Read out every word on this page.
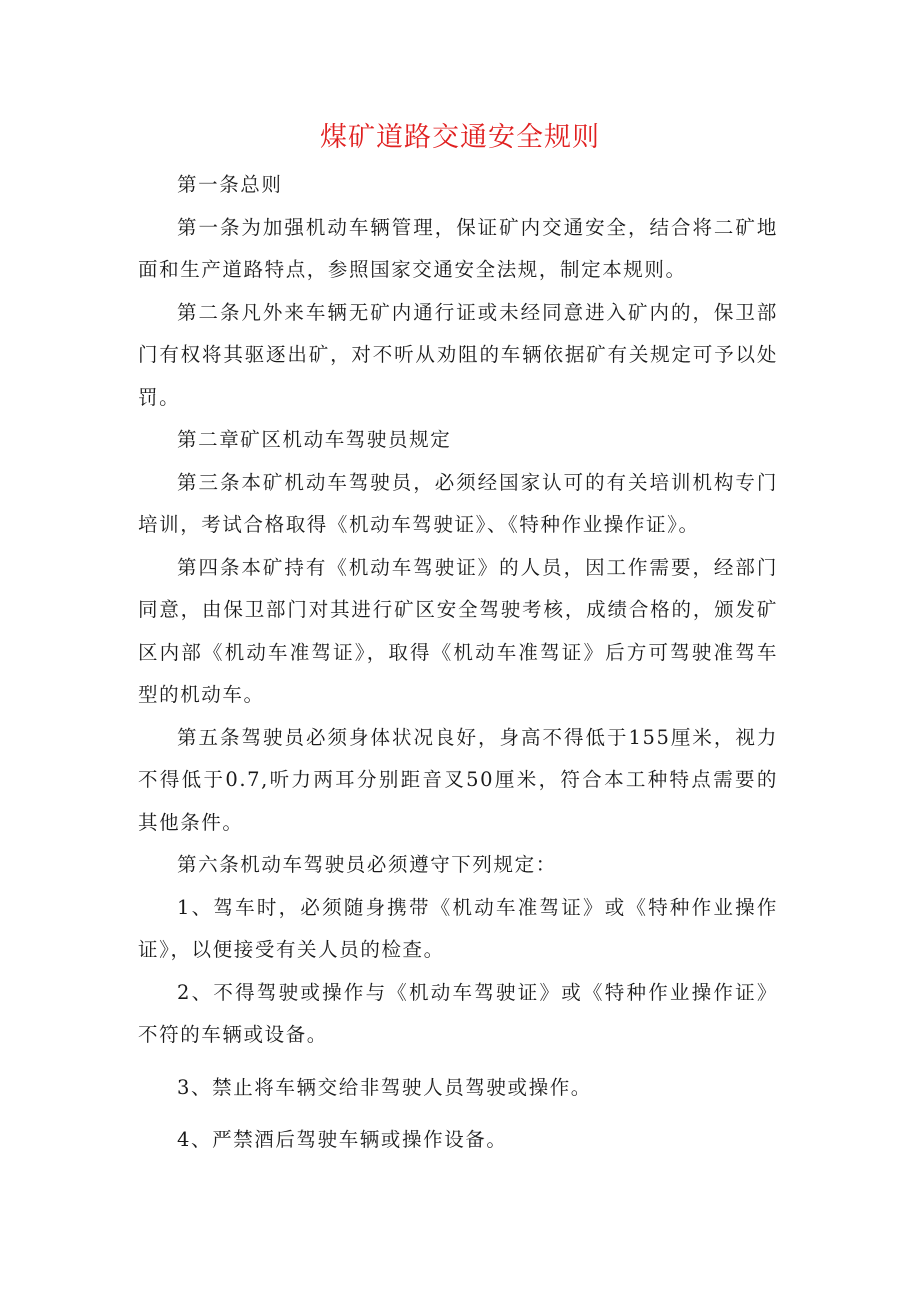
煤矿道路交通安全规则

第一条总则

第一条为加强机动车辆管理，保证矿内交通安全，结合将二矿地面和生产道路特点，参照国家交通安全法规，制定本规则。

第二条凡外来车辆无矿内通行证或未经同意进入矿内的，保卫部门有权将其驱逐出矿，对不听从劝阻的车辆依据矿有关规定可予以处罚。

第二章矿区机动车驾驶员规定

第三条本矿机动车驾驶员，必须经国家认可的有关培训机构专门培训，考试合格取得《机动车驾驶证》、《特种作业操作证》。

第四条本矿持有《机动车驾驶证》的人员，因工作需要，经部门同意，由保卫部门对其进行矿区安全驾驶考核，成绩合格的，颁发矿区内部《机动车准驾证》，取得《机动车准驾证》后方可驾驶准驾车型的机动车。

第五条驾驶员必须身体状况良好，身高不得低于155厘米，视力不得低于0.7,听力两耳分别距音叉50厘米，符合本工种特点需要的其他条件。

第六条机动车驾驶员必须遵守下列规定：

1、驾车时，必须随身携带《机动车准驾证》或《特种作业操作证》，以便接受有关人员的检查。

2、不得驾驶或操作与《机动车驾驶证》或《特种作业操作证》不符的车辆或设备。

3、禁止将车辆交给非驾驶人员驾驶或操作。

4、严禁酒后驾驶车辆或操作设备。
